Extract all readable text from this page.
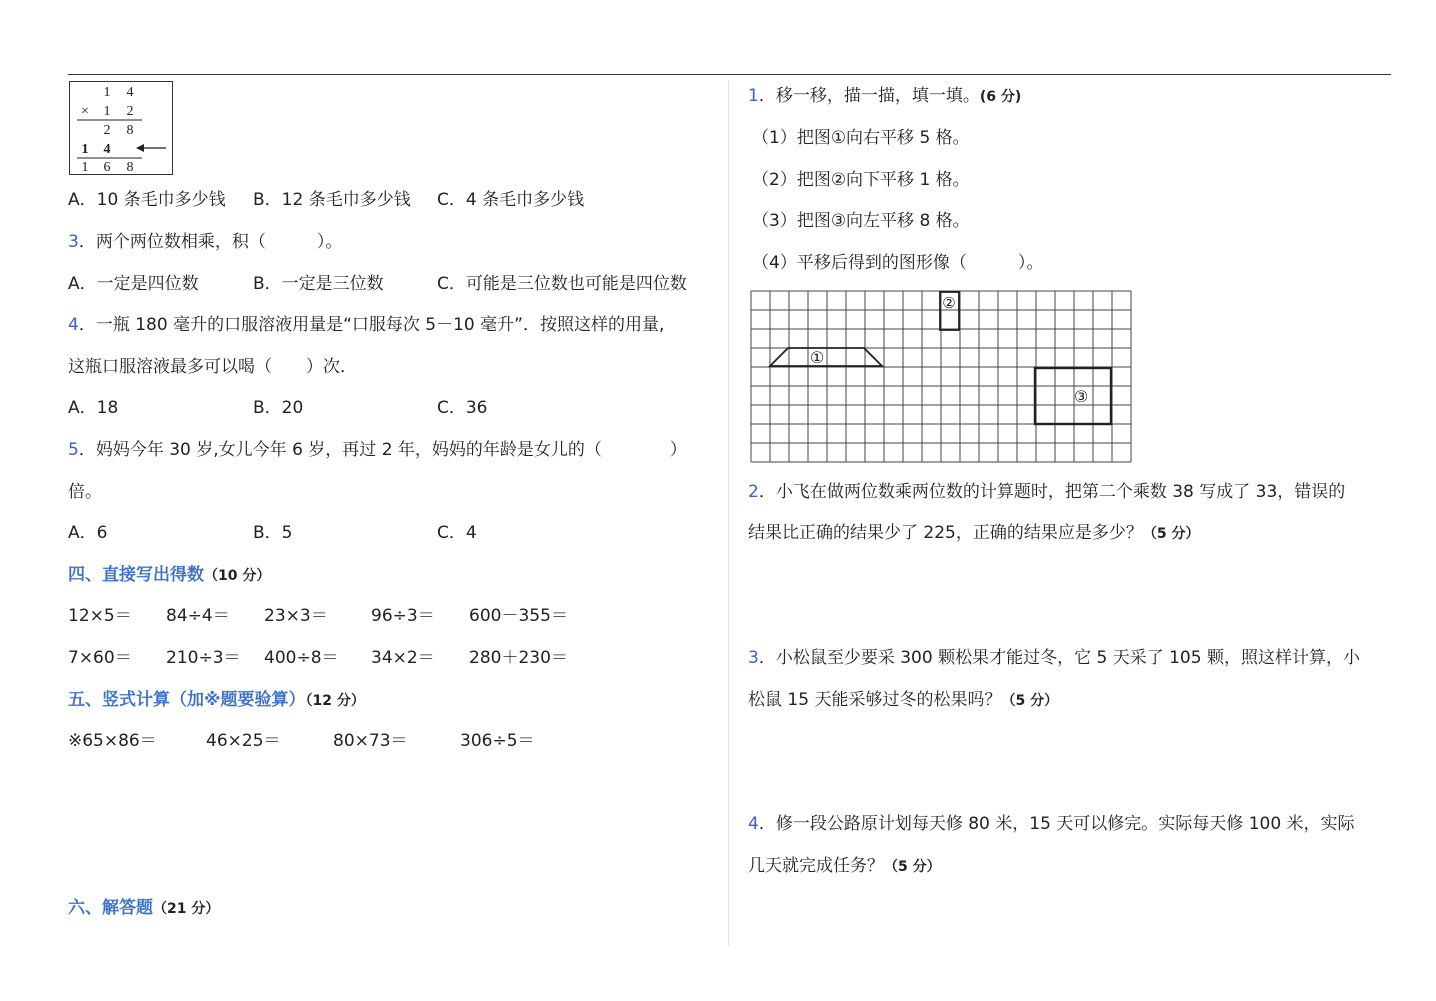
1 4
× 1 2
2 8
1 4
1 6 8
A．10 条毛巾多少钱 B．12 条毛巾多少钱 C．4 条毛巾多少钱
3．两个两位数相乘，积（　　　）。
A．一定是四位数	B．一定是三位数	C．可能是三位数也可能是四位数
4．一瓶 180 毫升的口服溶液用量是“口服每次 5－10 毫升”．按照这样的用量,
这瓶口服溶液最多可以喝（　　）次．
A．18	B．20	C．36
5．妈妈今年 30 岁,女儿今年 6 岁，再过 2 年，妈妈的年龄是女儿的（　　　　）
倍。
A．6	B．5	C．4
四、直接写出得数（10 分）
12×5＝ 84÷4＝ 23×3＝	96÷3＝ 600－355＝
7×60＝ 210÷3＝ 400÷8＝ 34×2＝ 280＋230＝
五、竖式计算（加※题要验算）（12 分）
※65×86＝	46×25＝	80×73＝	306÷5＝
六、解答题（21 分）
1．移一移，描一描，填一填。(6 分)
（1）把图①向右平移 5 格。
（2）把图②向下平移 1 格。
（3）把图③向左平移 8 格。
（4）平移后得到的图形像（　　　）。
①
②
③
2．小飞在做两位数乘两位数的计算题时，把第二个乘数 38 写成了 33，错误的
结果比正确的结果少了 225，正确的结果应是多少？（5 分）
3．小松鼠至少要采 300 颗松果才能过冬，它 5 天采了 105 颗，照这样计算，小
松鼠 15 天能采够过冬的松果吗？（5 分）
4．修一段公路原计划每天修 80 米，15 天可以修完。实际每天修 100 米，实际
几天就完成任务？（5 分）
